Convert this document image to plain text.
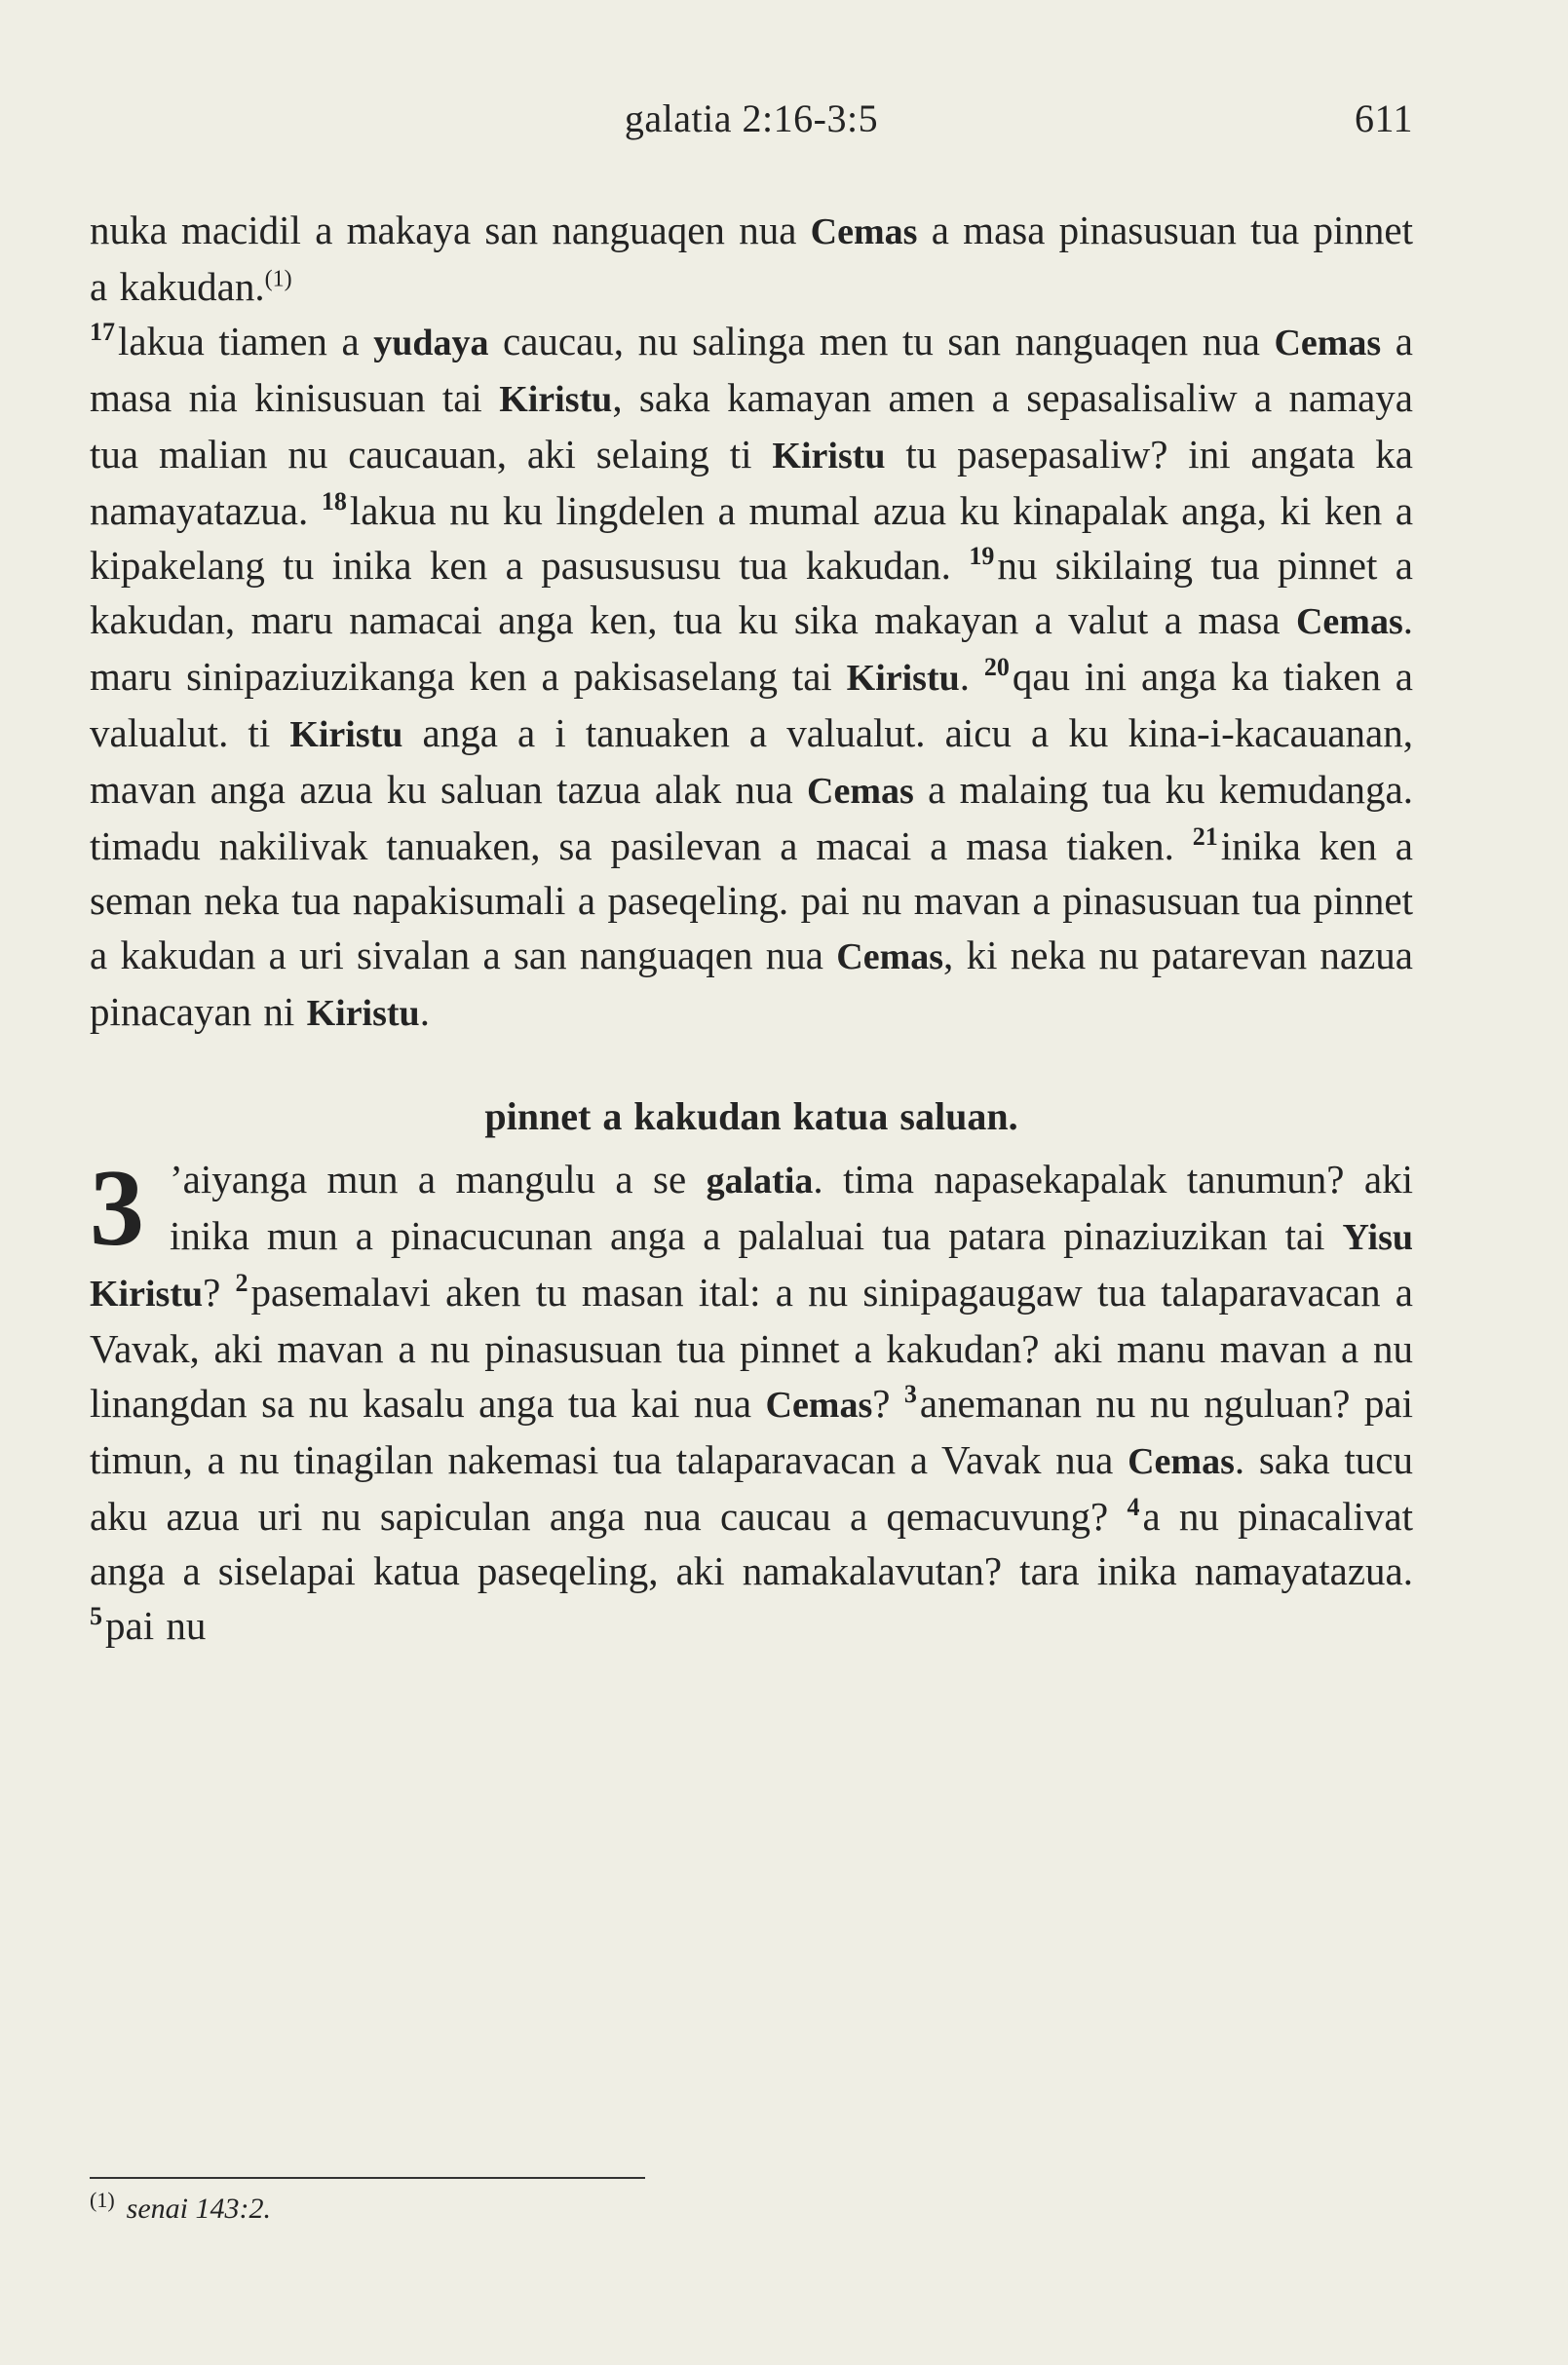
galatia 2:16-3:5	611

nuka macidil a makaya san nanguaqen nua Cemas a masa pinasusuan tua pinnet a kakudan.$^{(1)}$

$^{17}$lakua tiamen a yudaya caucau, nu salinga men tu san nanguaqen nua Cemas a masa nia kinisusuan tai Kiristu, saka kamayan amen a sepasalisaliw a namaya tua malian nu caucauan, aki selaing ti Kiristu tu pasepasaliw? ini angata ka namayatazua. $^{18}$lakua nu ku lingdelen a mumal azua ku kinapalak anga, ki ken a kipakelang tu inika ken a pasusususu tua kakudan. $^{19}$nu sikilaing tua pinnet a kakudan, maru namacai anga ken, tua ku sika makayan a valut a masa Cemas. maru sinipaziuzikanga ken a pakisaselang tai Kiristu. $^{20}$qau ini anga ka tiaken a valualut. ti Kiristu anga a i tanuaken a valualut. aicu a ku kina-i-kacauanan, mavan anga azua ku saluan tazua alak nua Cemas a malaing tua ku kemudanga. timadu nakilivak tanuaken, sa pasilevan a macai a masa tiaken. $^{21}$inika ken a seman neka tua napakisumali a paseqeling. pai nu mavan a pinasusuan tua pinnet a kakudan a uri sivalan a san nanguaqen nua Cemas, ki neka nu patarevan nazua pinacayan ni Kiristu.

pinnet a kakudan katua saluan.

3 ’aiyanga mun a mangulu a se galatia. tima napasekapalak tanumun? aki inika mun a pinacucunan anga a palaluai tua patara pinaziuzikan tai Yisu Kiristu? $^2$pasemalavi aken tu masan ital: a nu sinipagaugaw tua talaparavacan a Vavak, aki mavan a nu pinasusuan tua pinnet a kakudan? aki manu mavan a nu linangdan sa nu kasalu anga tua kai nua Cemas? $^3$anemanan nu nu nguluan? pai timun, a nu tinagilan nakemasi tua talaparavacan a Vavak nua Cemas. saka tucu aku azua uri nu sapiculan anga nua caucau a qemacuvung? $^4$a nu pinacalivat anga a siselapai katua paseqeling, aki namakalavutan? tara inika namayatazua. $^5$pai nu

$^{(1)}$ senai 143:2.
